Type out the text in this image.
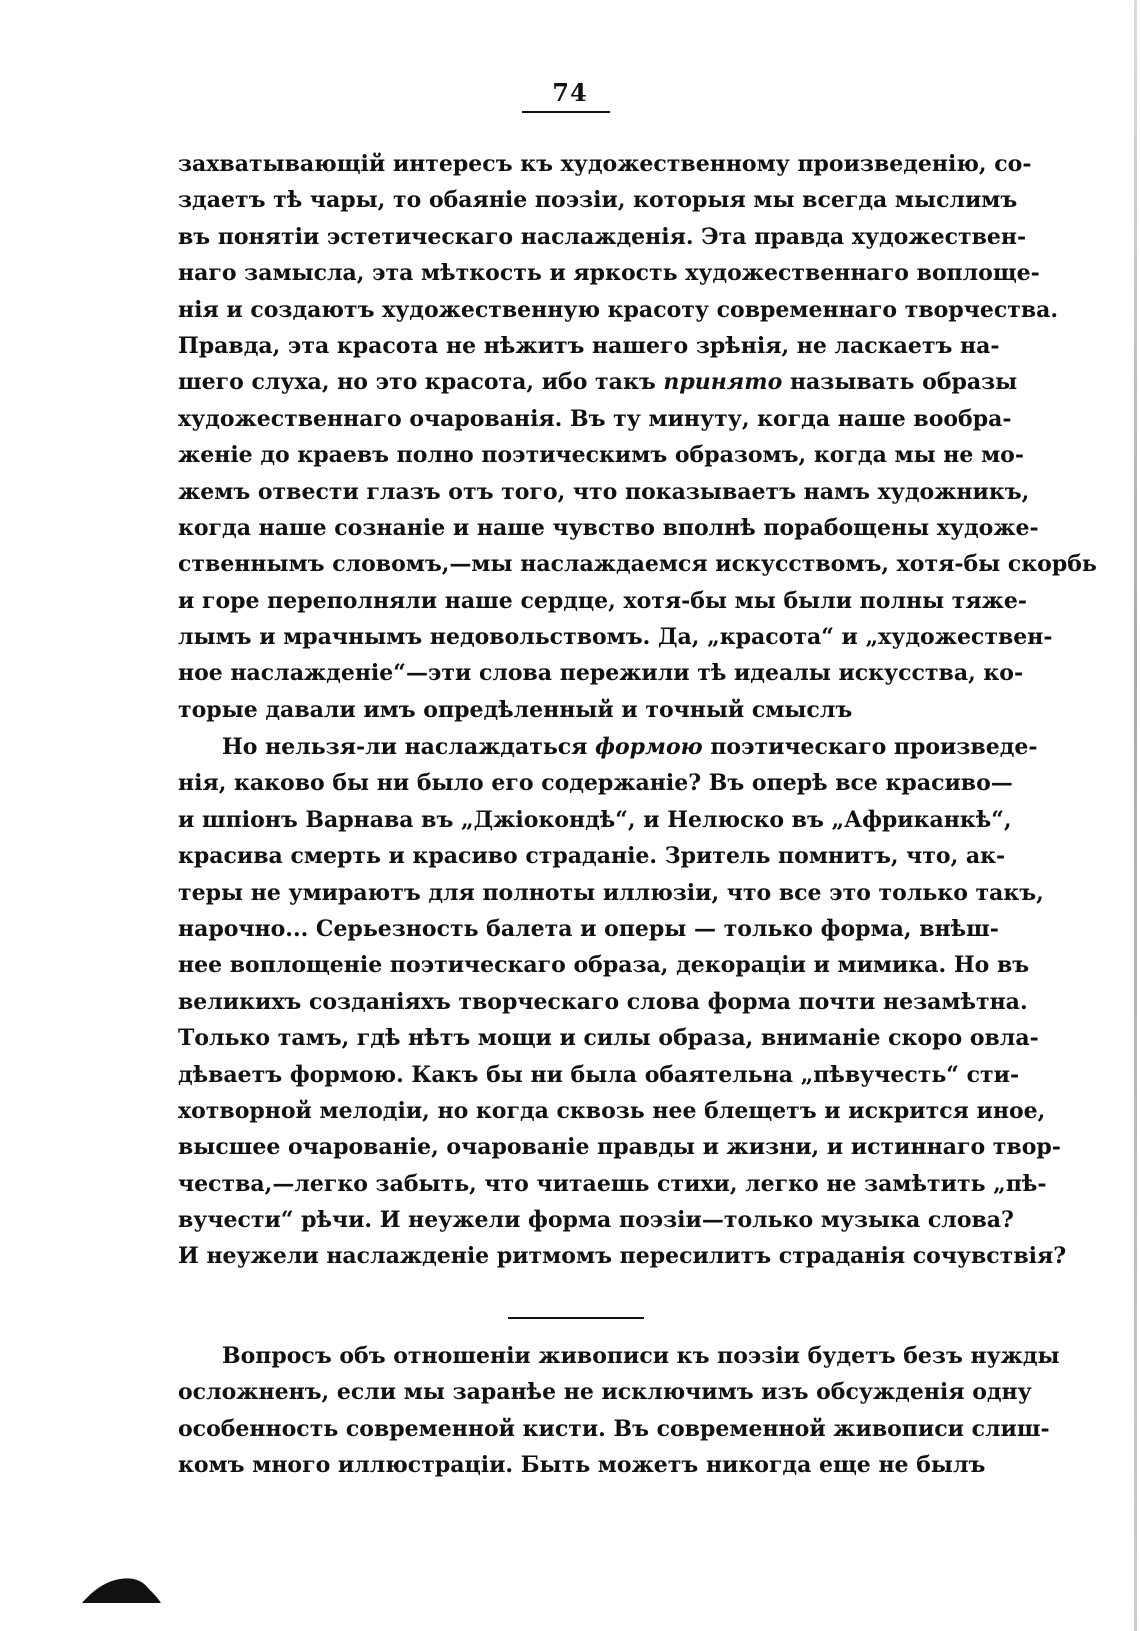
74
захватывающій интересъ къ художественному произведенію, со-
здаетъ тѣ чары, то обаяніе поэзіи, которыя мы всегда мыслимъ
въ понятіи эстетическаго наслажденія. Эта правда художествен-
наго замысла, эта мѣткость и яркость художественнаго воплоще-
нія и создаютъ художественную красоту современнаго творчества.
Правда, эта красота не нѣжитъ нашего зрѣнія, не ласкаетъ на-
шего слуха, но это красота, ибо такъ принято называть образы
художественнаго очарованія. Въ ту минуту, когда наше вообра-
женіе до краевъ полно поэтическимъ образомъ, когда мы не мо-
жемъ отвести глазъ отъ того, что показываетъ намъ художникъ,
когда наше сознаніе и наше чувство вполнѣ порабощены художе-
ственнымъ словомъ,—мы наслаждаемся искусствомъ, хотя-бы скорбь
и горе переполняли наше сердце, хотя-бы мы были полны тяже-
лымъ и мрачнымъ недовольствомъ. Да, „красота“ и „художествен-
ное наслажденіе“—эти слова пережили тѣ идеалы искусства, ко-
торые давали имъ опредѣленный и точный смыслъ
Но нельзя-ли наслаждаться формою поэтическаго произведе-
нія, каково бы ни было его содержаніе? Въ оперѣ все красиво—
и шпіонъ Варнава въ „Джіокондѣ“, и Нелюско въ „Африканкѣ“,
красива смерть и красиво страданіе. Зритель помнитъ, что, ак-
теры не умираютъ для полноты иллюзіи, что все это только такъ,
нарочно... Серьезность балета и оперы — только форма, внѣш-
нее воплощеніе поэтическаго образа, декораціи и мимика. Но въ
великихъ созданіяхъ творческаго слова форма почти незамѣтна.
Только тамъ, гдѣ нѣтъ мощи и силы образа, вниманіе скоро овла-
дѣваетъ формою. Какъ бы ни была обаятельна „пѣвучесть“ сти-
хотворной мелодіи, но когда сквозь нее блещетъ и искрится иное,
высшее очарованіе, очарованіе правды и жизни, и истиннаго твор-
чества,—легко забыть, что читаешь стихи, легко не замѣтить „пѣ-
вучести“ рѣчи. И неужели форма поэзіи—только музыка слова?
И неужели наслажденіе ритмомъ пересилитъ страданія сочувствія?
Вопросъ объ отношеніи живописи къ поэзіи будетъ безъ нужды
осложненъ, если мы заранѣе не исключимъ изъ обсужденія одну
особенность современной кисти. Въ современной живописи слиш-
комъ много иллюстраціи. Быть можетъ никогда еще не былъ
